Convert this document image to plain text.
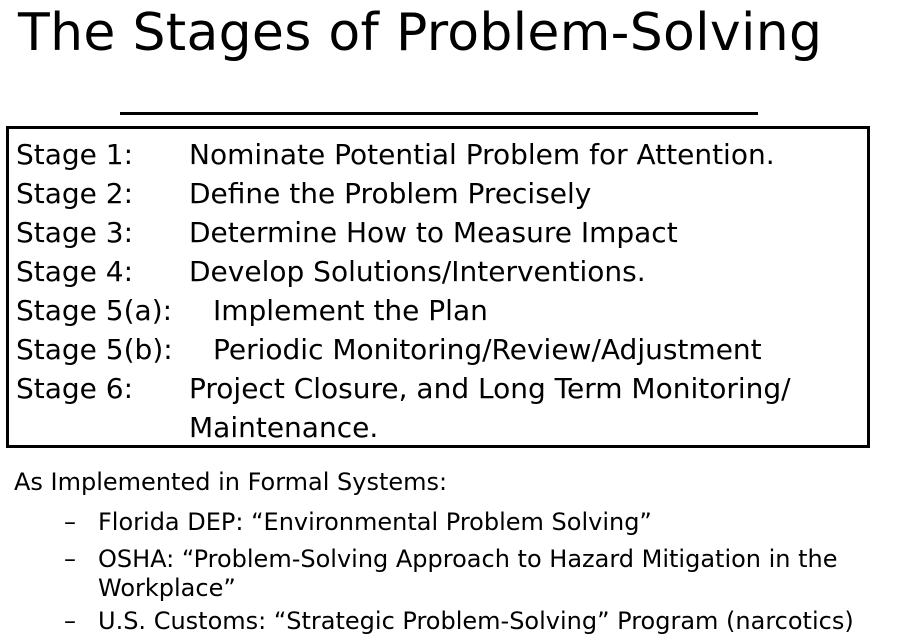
The Stages of Problem-Solving
Stage 1: Nominate Potential Problem for Attention.
Stage 2: Define the Problem Precisely
Stage 3: Determine How to Measure Impact
Stage 4: Develop Solutions/Interventions.
Stage 5(a): Implement the Plan
Stage 5(b): Periodic Monitoring/Review/Adjustment
Stage 6: Project Closure, and Long Term Monitoring/
Maintenance.
As Implemented in Formal Systems:
– Florida DEP: “Environmental Problem Solving”
– OSHA: “Problem-Solving Approach to Hazard Mitigation in the Workplace”
– U.S. Customs: “Strategic Problem-Solving” Program (narcotics)
